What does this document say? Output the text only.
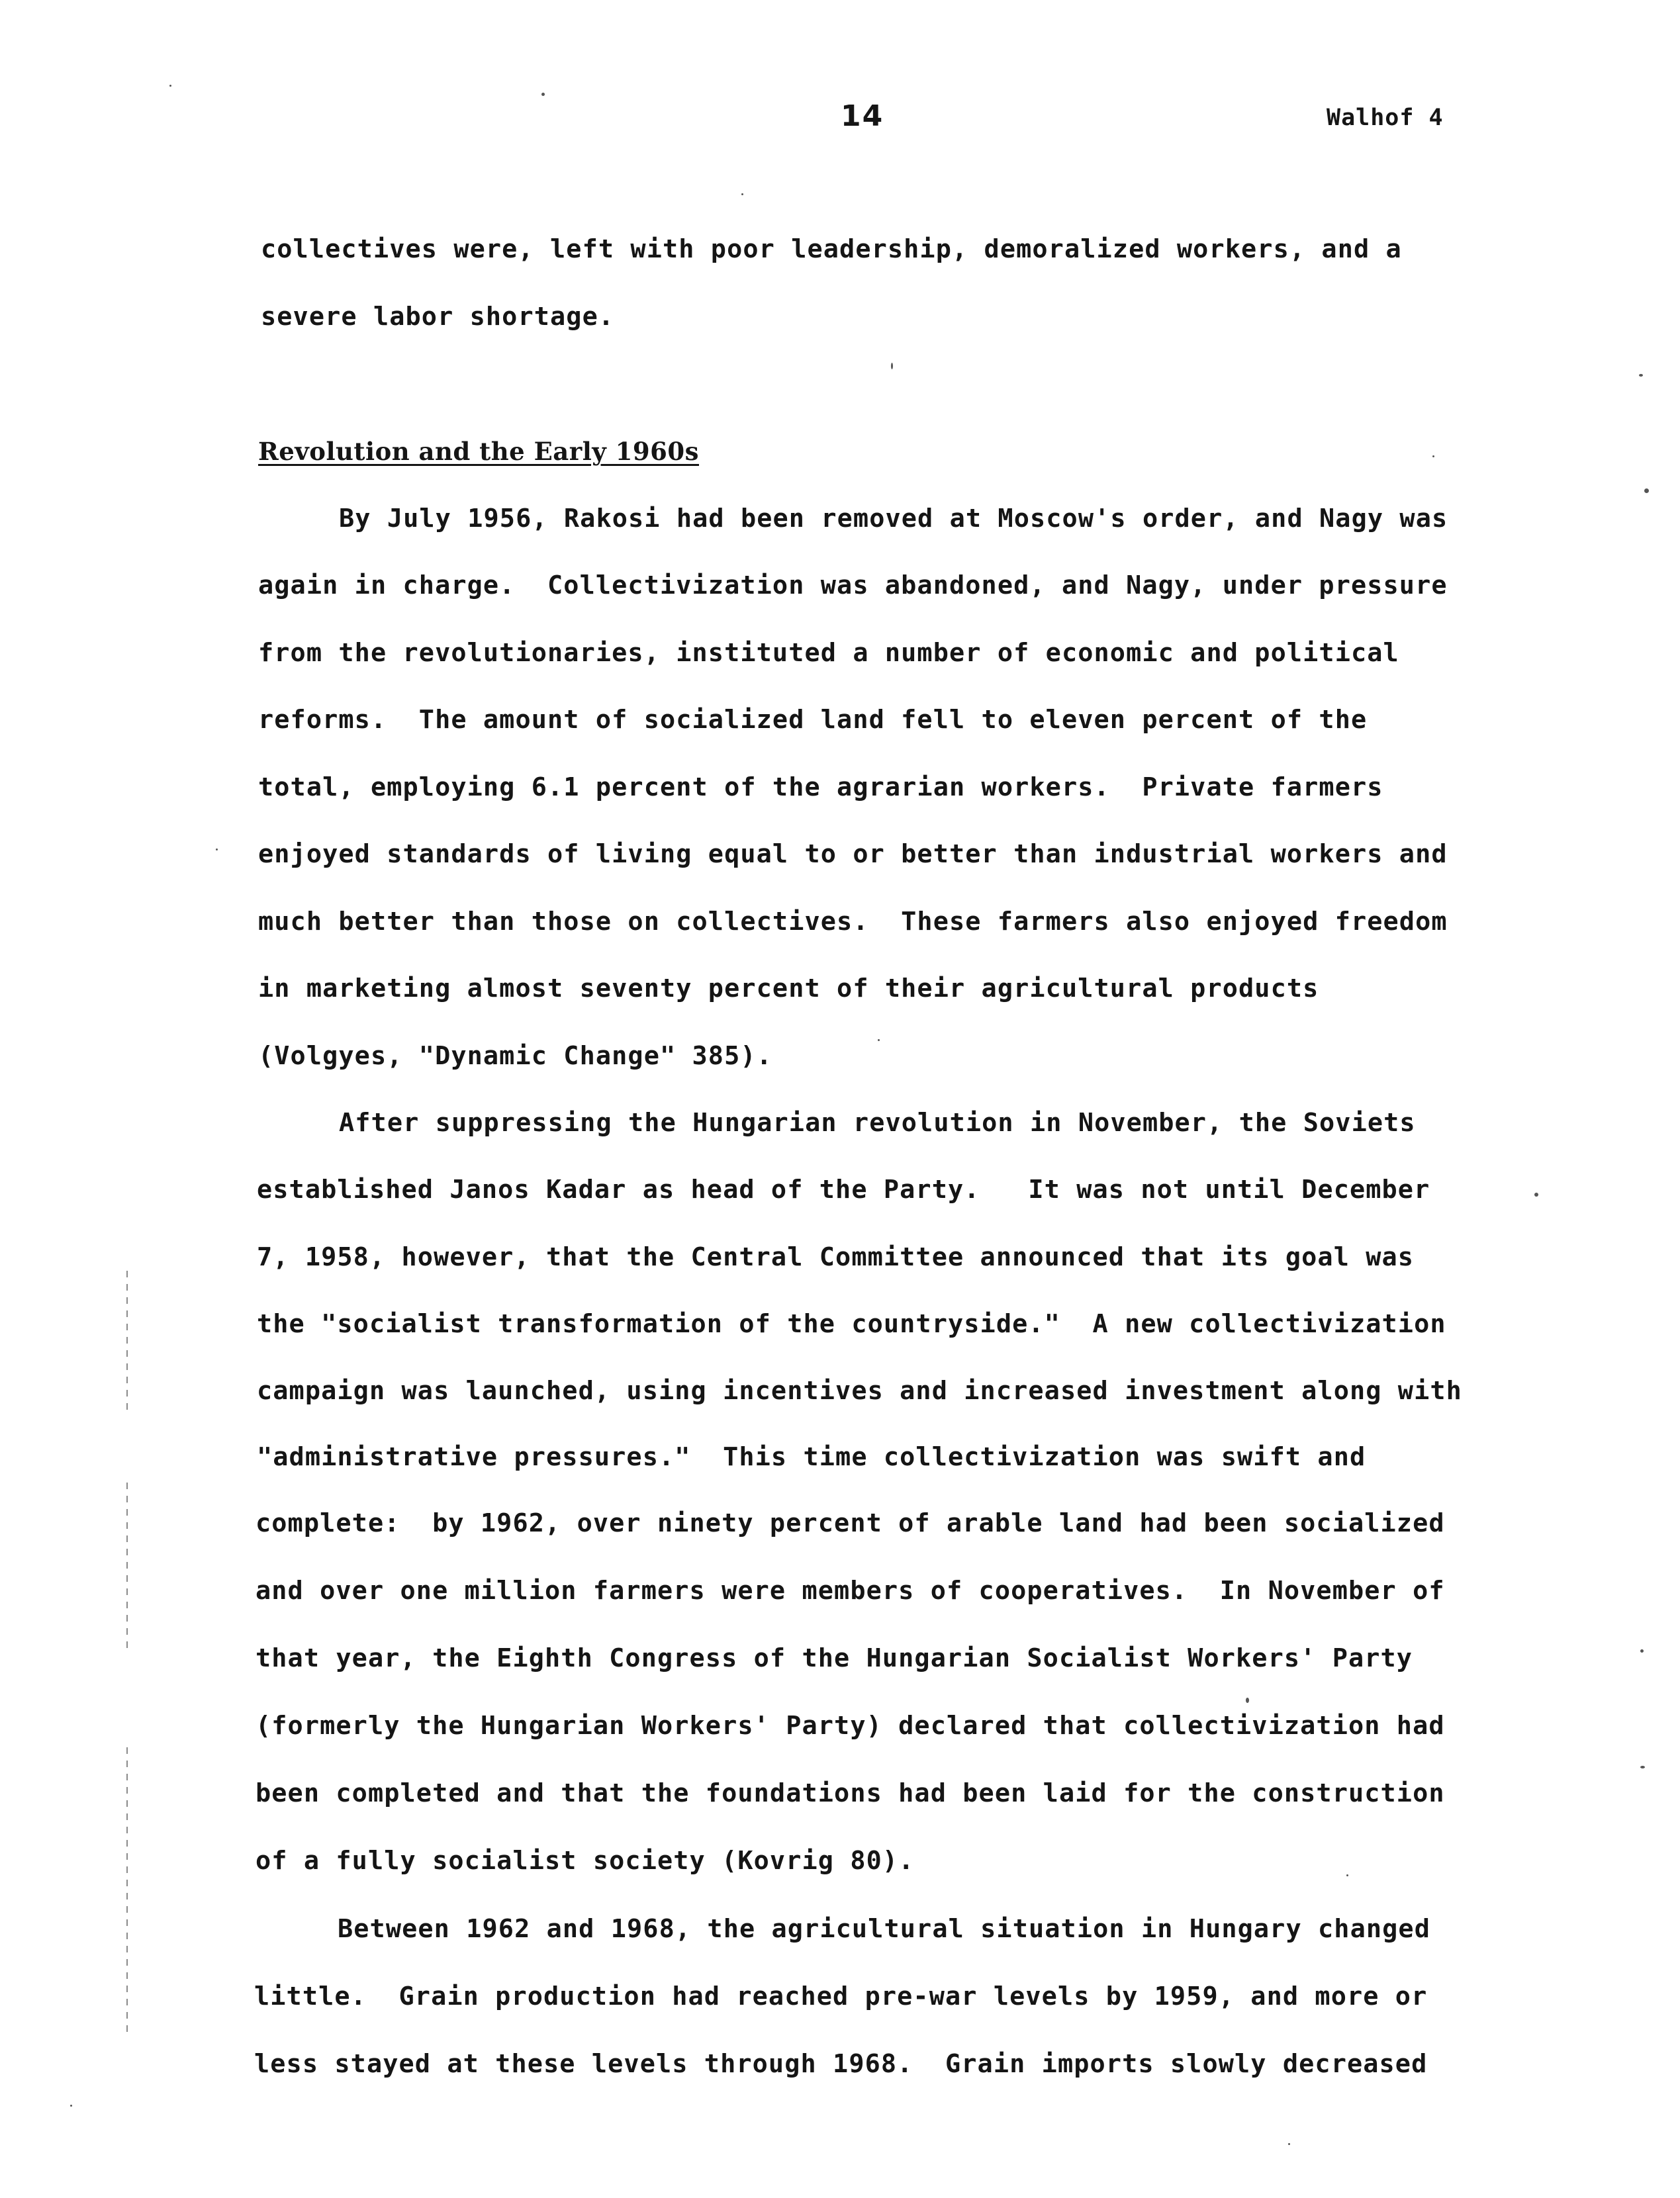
14	Walhof 4
collectives were, left with poor leadership, demoralized workers, and a
severe labor shortage.
Revolution and the Early 1960s
By July 1956, Rakosi had been removed at Moscow's order, and Nagy was
again in charge.  Collectivization was abandoned, and Nagy, under pressure
from the revolutionaries, instituted a number of economic and political
reforms.  The amount of socialized land fell to eleven percent of the
total, employing 6.1 percent of the agrarian workers.  Private farmers
enjoyed standards of living equal to or better than industrial workers and
much better than those on collectives.  These farmers also enjoyed freedom
in marketing almost seventy percent of their agricultural products
(Volgyes, "Dynamic Change" 385).
After suppressing the Hungarian revolution in November, the Soviets
established Janos Kadar as head of the Party.   It was not until December
7, 1958, however, that the Central Committee announced that its goal was
the "socialist transformation of the countryside."  A new collectivization
campaign was launched, using incentives and increased investment along with
"administrative pressures."  This time collectivization was swift and
complete:  by 1962, over ninety percent of arable land had been socialized
and over one million farmers were members of cooperatives.  In November of
that year, the Eighth Congress of the Hungarian Socialist Workers' Party
(formerly the Hungarian Workers' Party) declared that collectivization had
been completed and that the foundations had been laid for the construction
of a fully socialist society (Kovrig 80).
Between 1962 and 1968, the agricultural situation in Hungary changed
little.  Grain production had reached pre-war levels by 1959, and more or
less stayed at these levels through 1968.  Grain imports slowly decreased
